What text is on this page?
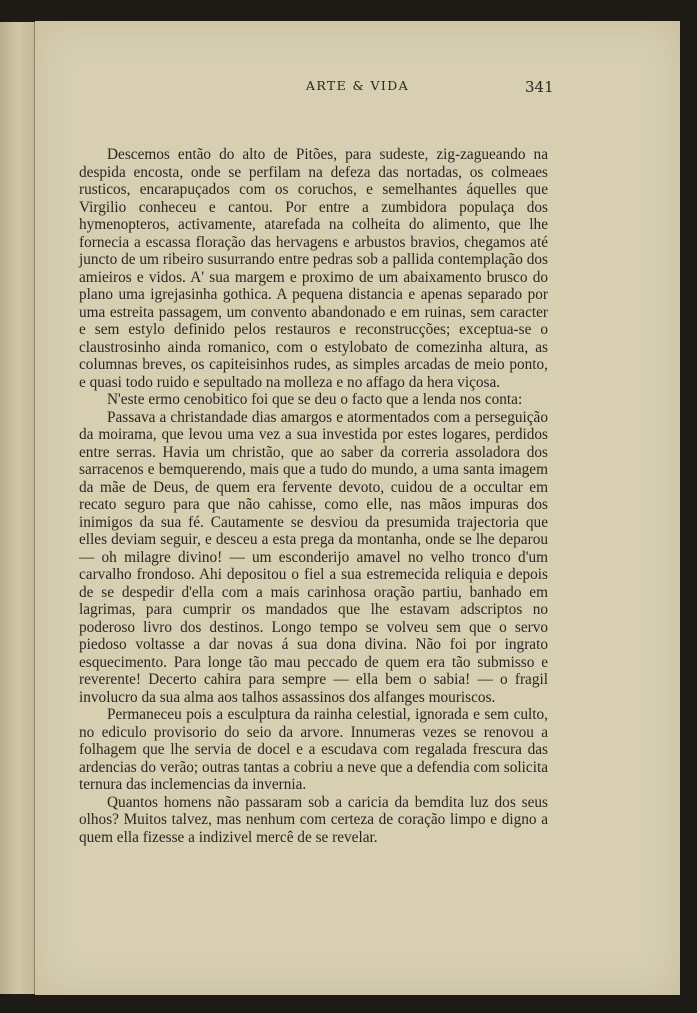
ARTE & VIDA	341

Descemos então do alto de Pitões, para sudeste, zig-zagueando na despida encosta, onde se perfilam na defeza das nortadas, os colmeaes rusticos, encarapuçados com os coruchos, e semelhantes áquelles que Virgilio conheceu e cantou. Por entre a zumbidora populaça dos hymenopteros, activamente, atarefada na colheita do alimento, que lhe fornecia a escassa floração das hervagens e arbustos bravios, chegamos até juncto de um ribeiro susurrando entre pedras sob a pallida contemplação dos amieiros e vidos. A' sua margem e proximo de um abaixamento brusco do plano uma igrejasinha gothica. A pequena distancia e apenas separado por uma estreita passagem, um convento abandonado e em ruinas, sem caracter e sem estylo definido pelos restauros e reconstrucções; exceptua-se o claustrosinho ainda romanico, com o estylobato de comezinha altura, as columnas breves, os capiteisinhos rudes, as simples arcadas de meio ponto, e quasi todo ruido e sepultado na molleza e no affago da hera viçosa.

N'este ermo cenobitico foi que se deu o facto que a lenda nos conta:

Passava a christandade dias amargos e atormentados com a perseguição da moirama, que levou uma vez a sua investida por estes logares, perdidos entre serras. Havia um christão, que ao saber da correria assoladora dos sarracenos e bemquerendo, mais que a tudo do mundo, a uma santa imagem da mãe de Deus, de quem era fervente devoto, cuidou de a occultar em recato seguro para que não cahisse, como elle, nas mãos impuras dos inimigos da sua fé. Cautamente se desviou da presumida trajectoria que elles deviam seguir, e desceu a esta prega da montanha, onde se lhe deparou — oh milagre divino! — um esconderijo amavel no velho tronco d'um carvalho frondoso. Ahi depositou o fiel a sua estremecida reliquia e depois de se despedir d'ella com a mais carinhosa oração partiu, banhado em lagrimas, para cumprir os mandados que lhe estavam adscriptos no poderoso livro dos destinos. Longo tempo se volveu sem que o servo piedoso voltasse a dar novas á sua dona divina. Não foi por ingrato esquecimento. Para longe tão mau peccado de quem era tão submisso e reverente! Decerto cahira para sempre — ella bem o sabia! — o fragil involucro da sua alma aos talhos assassinos dos alfanges mouriscos.

Permaneceu pois a esculptura da rainha celestial, ignorada e sem culto, no ediculo provisorio do seio da arvore. Innumeras vezes se renovou a folhagem que lhe servia de docel e a escudava com regalada frescura das ardencias do verão; outras tantas a cobriu a neve que a defendia com solicita ternura das inclemencias da invernia.

Quantos homens não passaram sob a caricia da bemdita luz dos seus olhos? Muitos talvez, mas nenhum com certeza de coração limpo e digno a quem ella fizesse a indizivel mercê de se revelar.
